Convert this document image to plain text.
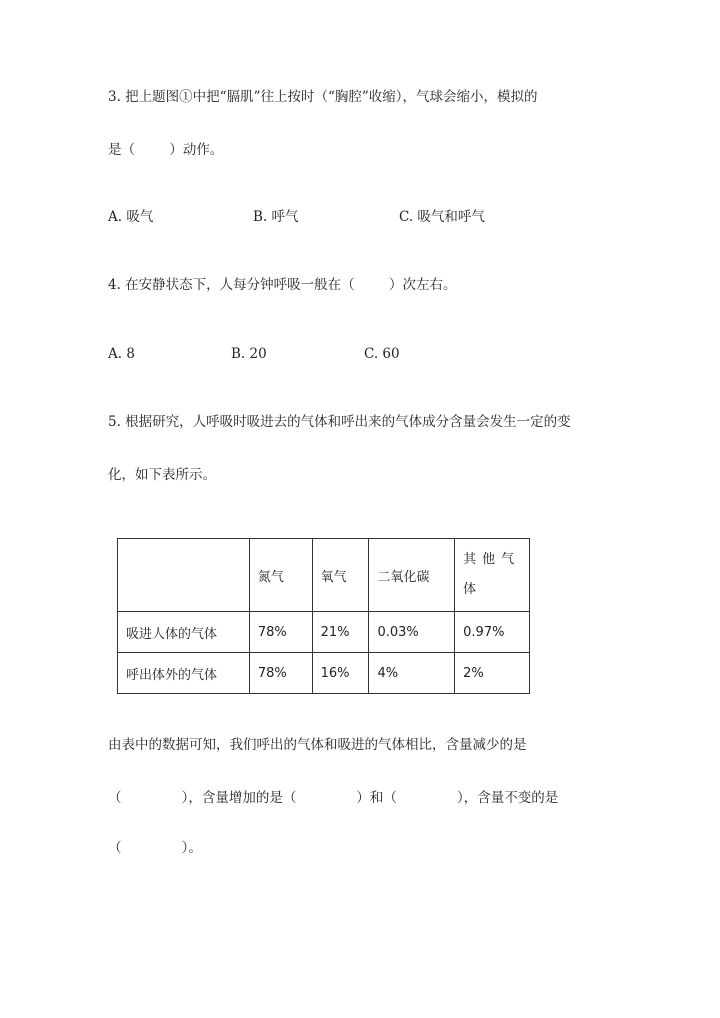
3. 把上题图①中把“膈肌”往上按时（“胸腔”收缩），气球会缩小，模拟的
是（        ）动作。
A. 吸气	B. 呼气	C. 吸气和呼气
4. 在安静状态下，人每分钟呼吸一般在（        ）次左右。
A. 8	B. 20	C. 60
5. 根据研究，人呼吸时吸进去的气体和呼出来的气体成分含量会发生一定的变
化，如下表所示。
	氮气	氧气	二氧化碳	其他气体

吸进人体的气体	78%	21%	0.03%	0.97%
呼出体外的气体	78%	16%	4%	2%
由表中的数据可知，我们呼出的气体和吸进的气体相比，含量减少的是
（              ），含量增加的是（              ）和（              ），含量不变的是
（              ）。
